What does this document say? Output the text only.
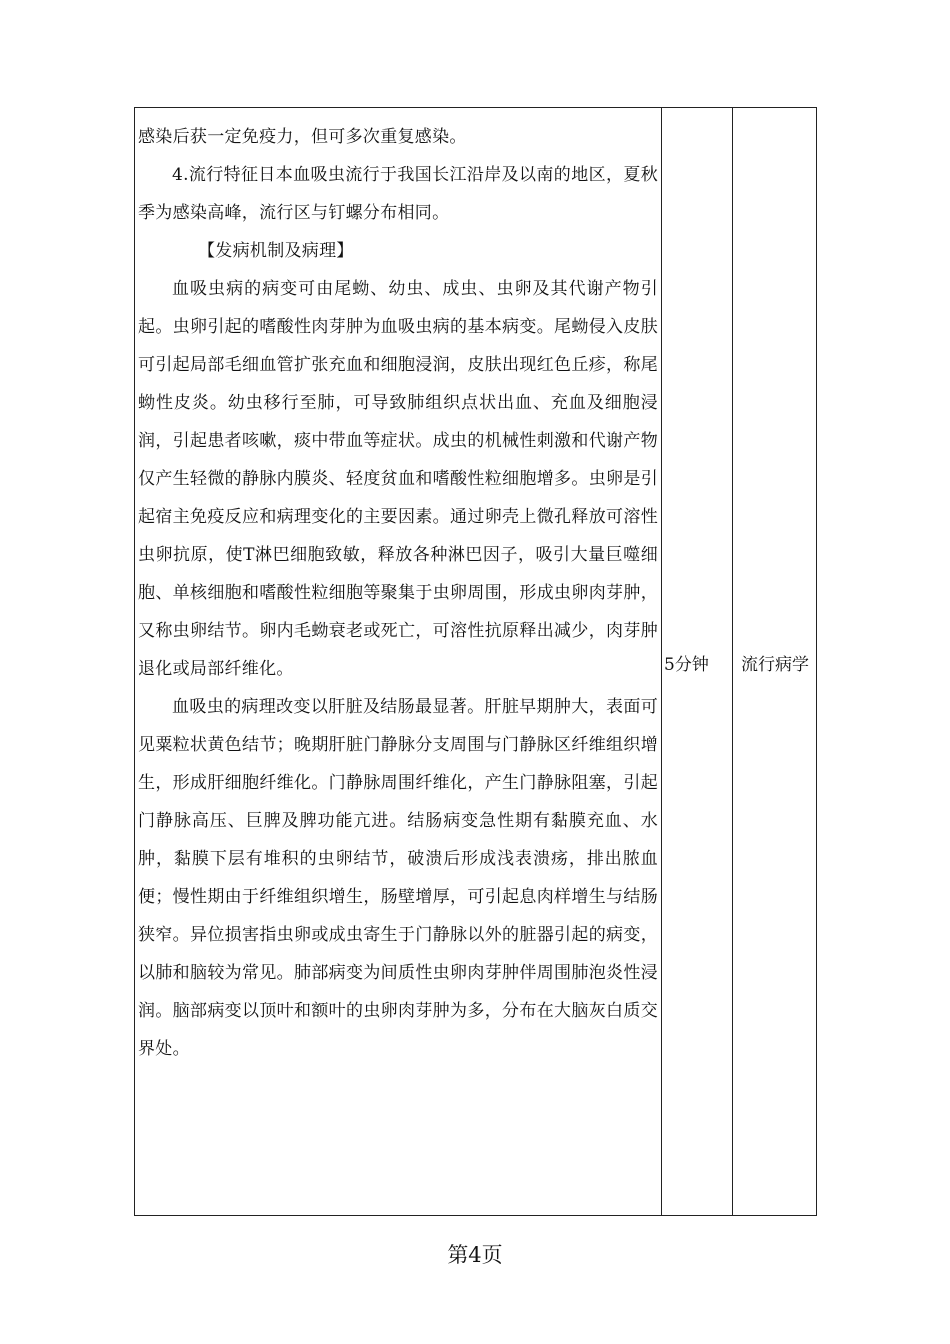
感染后获一定免疫力，但可多次重复感染。

4.流行特征日本血吸虫流行于我国长江沿岸及以南的地区，夏秋季为感染高峰，流行区与钉螺分布相同。

【发病机制及病理】

血吸虫病的病变可由尾蚴、幼虫、成虫、虫卵及其代谢产物引起。虫卵引起的嗜酸性肉芽肿为血吸虫病的基本病变。尾蚴侵入皮肤可引起局部毛细血管扩张充血和细胞浸润，皮肤出现红色丘疹，称尾蚴性皮炎。幼虫移行至肺，可导致肺组织点状出血、充血及细胞浸润，引起患者咳嗽，痰中带血等症状。成虫的机械性刺激和代谢产物仅产生轻微的静脉内膜炎、轻度贫血和嗜酸性粒细胞增多。虫卵是引起宿主免疫反应和病理变化的主要因素。通过卵壳上微孔释放可溶性虫卵抗原，使T淋巴细胞致敏，释放各种淋巴因子，吸引大量巨噬细胞、单核细胞和嗜酸性粒细胞等聚集于虫卵周围，形成虫卵肉芽肿，又称虫卵结节。卵内毛蚴衰老或死亡，可溶性抗原释出减少，肉芽肿退化或局部纤维化。

血吸虫的病理改变以肝脏及结肠最显著。肝脏早期肿大，表面可见粟粒状黄色结节；晚期肝脏门静脉分支周围与门静脉区纤维组织增生，形成肝细胞纤维化。门静脉周围纤维化，产生门静脉阻塞，引起门静脉高压、巨脾及脾功能亢进。结肠病变急性期有黏膜充血、水肿，黏膜下层有堆积的虫卵结节，破溃后形成浅表溃疡，排出脓血便；慢性期由于纤维组织增生，肠壁增厚，可引起息肉样增生与结肠狭窄。异位损害指虫卵或成虫寄生于门静脉以外的脏器引起的病变，以肺和脑较为常见。肺部病变为间质性虫卵肉芽肿伴周围肺泡炎性浸润。脑部病变以顶叶和额叶的虫卵肉芽肿为多，分布在大脑灰白质交界处。

5分钟 流行病学
第4页
